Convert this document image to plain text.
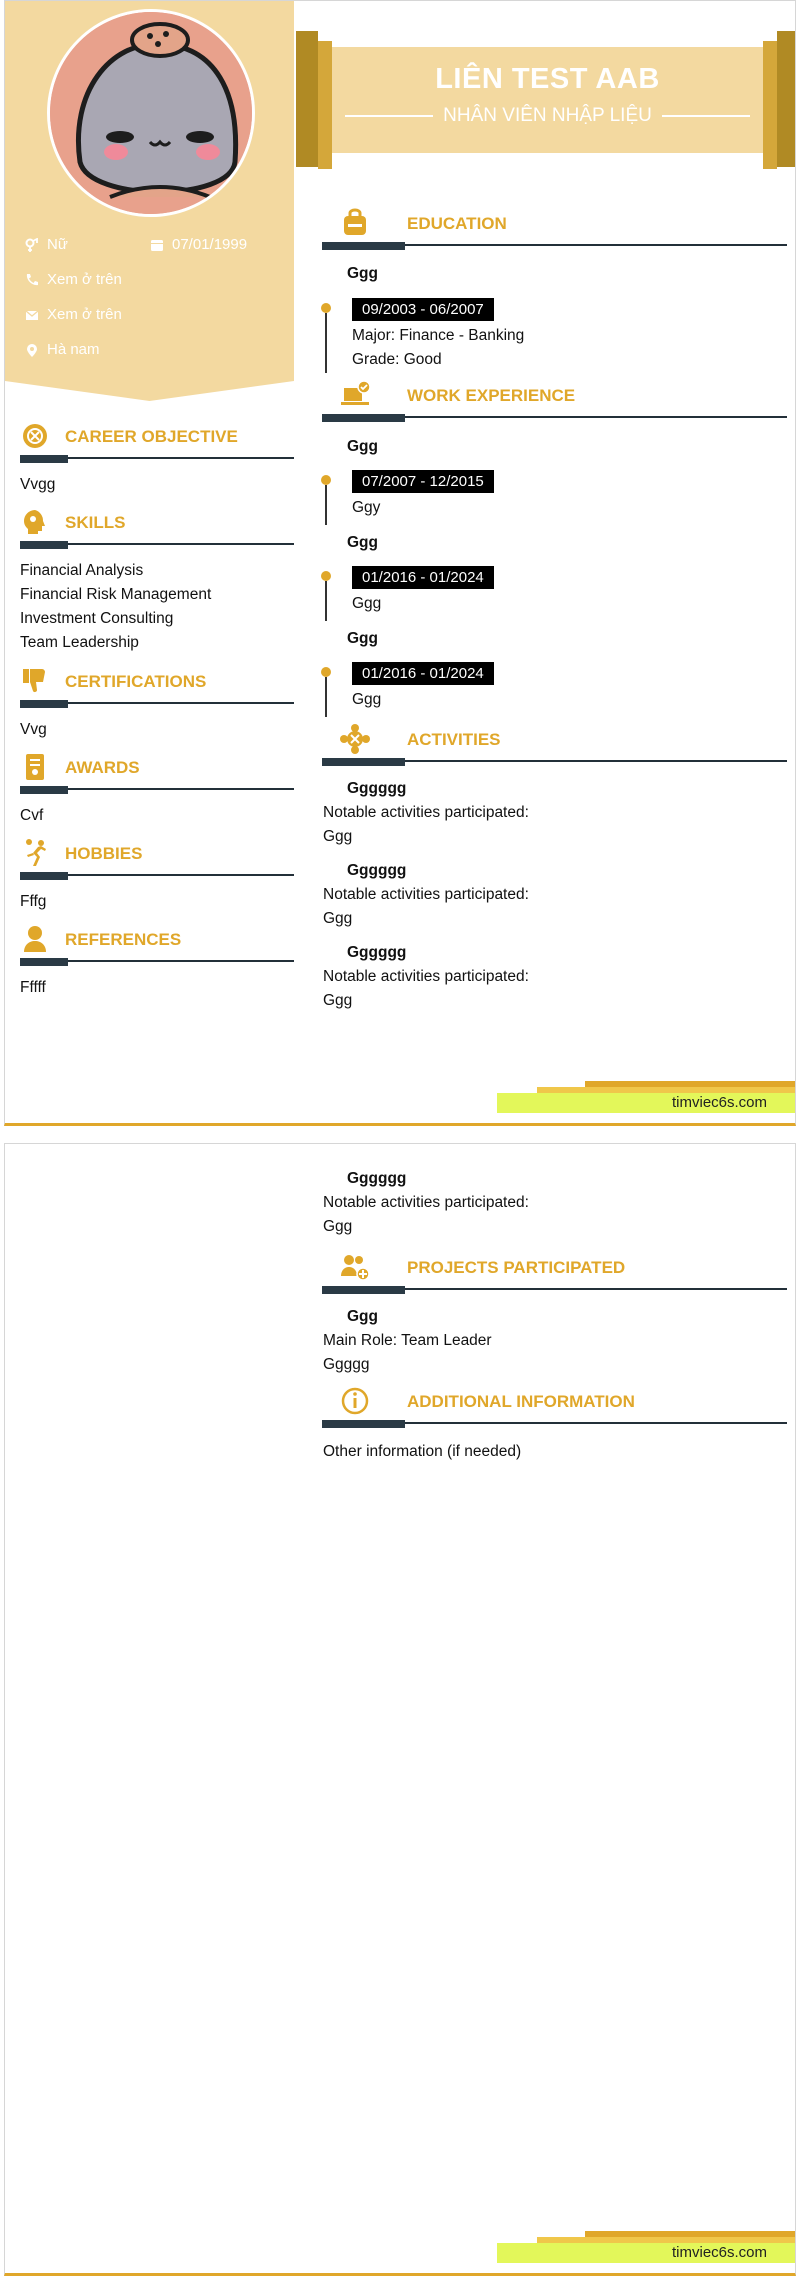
Nữ	07/01/1999
Xem ở trên
Xem ở trên
Hà nam
LIÊN TEST AAB
NHÂN VIÊN NHẬP LIỆU
CAREER OBJECTIVE
Vvgg
SKILLS
Financial Analysis
Financial Risk Management
Investment Consulting
Team Leadership
CERTIFICATIONS
Vvg
AWARDS
Cvf
HOBBIES
Fffg
REFERENCES
Fffff
EDUCATION
Ggg
09/2003 - 06/2007
Major: Finance - Banking
Grade: Good
WORK EXPERIENCE
Ggg
07/2007 - 12/2015
Ggy
Ggg
01/2016 - 01/2024
Ggg
Ggg
01/2016 - 01/2024
Ggg
ACTIVITIES
Gggggg
Notable activities participated:
Ggg
Gggggg
Notable activities participated:
Ggg
Gggggg
Notable activities participated:
Ggg
timviec6s.com
Gggggg
Notable activities participated:
Ggg
PROJECTS PARTICIPATED
Ggg
Main Role: Team Leader
Ggggg
ADDITIONAL INFORMATION
Other information (if needed)
timviec6s.com
